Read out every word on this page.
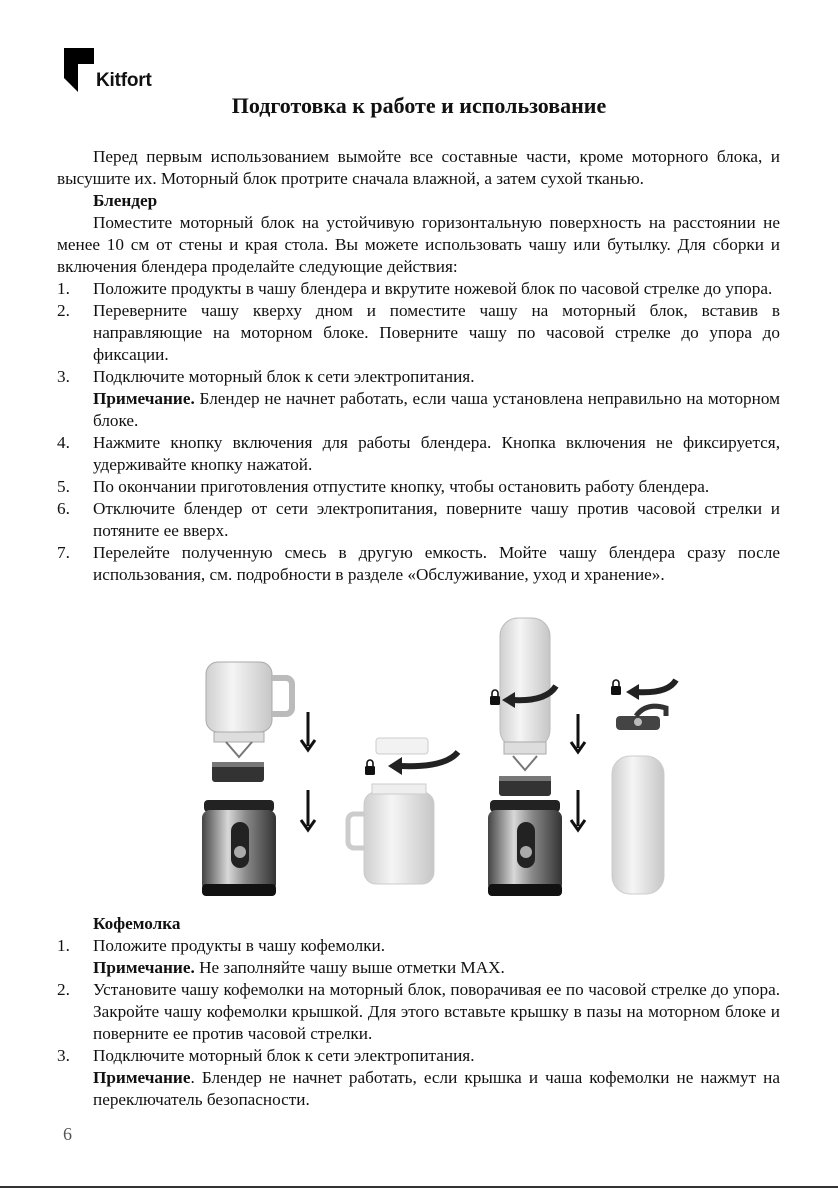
Kitfort
Подготовка к работе и использование

Перед первым использованием вымойте все составные части, кроме моторного блока, и высушите их. Моторный блок протрите сначала влажной, а затем сухой тканью.

Блендер

Поместите моторный блок на устойчивую горизонтальную поверхность на расстоянии не менее 10 см от стены и края стола. Вы можете использовать чашу или бутылку. Для сборки и включения блендера проделайте следующие действия:

1.	Положите продукты в чашу блендера и вкрутите ножевой блок по часовой стрелке до упора.
2.	Переверните чашу кверху дном и поместите чашу на моторный блок, вставив в направляющие на моторном блоке. Поверните чашу по часовой стрелке до упора до фиксации.
3.	Подключите моторный блок к сети электропитания.

Примечание. Блендер не начнет работать, если чаша установлена неправильно на моторном блоке.

4.	Нажмите кнопку включения для работы блендера. Кнопка включения не фиксируется, удерживайте кнопку нажатой.
5.	По окончании приготовления отпустите кнопку, чтобы остановить работу блендера.
6.	Отключите блендер от сети электропитания, поверните чашу против часовой стрелки и потяните ее вверх.
7.	Перелейте полученную смесь в другую емкость. Мойте чашу блендера сразу после использования, см. подробности в разделе «Обслуживание, уход и хранение».

Кофемолка

1.	Положите продукты в чашу кофемолки.

Примечание. Не заполняйте чашу выше отметки MAX.

2.	Установите чашу кофемолки на моторный блок, поворачивая ее по часовой стрелке до упора. Закройте чашу кофемолки крышкой. Для этого вставьте крышку в пазы на моторном блоке и поверните ее против часовой стрелки.
3.	Подключите моторный блок к сети электропитания.

Примечание. Блендер не начнет работать, если крышка и чаша кофемолки не нажмут на переключатель безопасности.

6
